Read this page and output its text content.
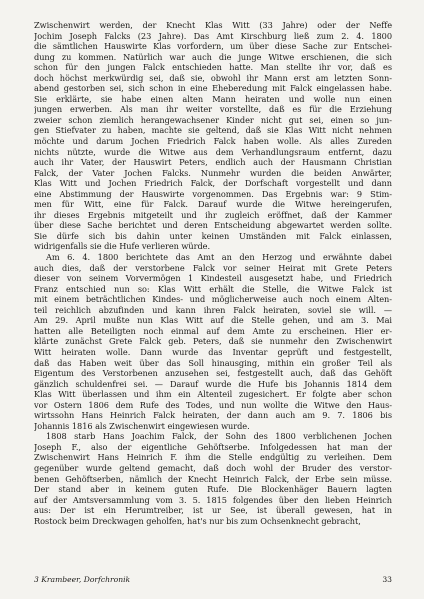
Zwischenwirt werden, der Knecht Klas Witt (33 Jahre) oder der Neffe
Jochim Joseph Falcks (23 Jahre). Das Amt Kirschburg ließ zum 2. 4. 1800
die sämtlichen Hauswirte Klas vorfordern, um über diese Sache zur Entschei-
dung zu kommen. Natürlich war auch die junge Witwe erschienen, die sich
schon für den jungen Falck entschieden hatte. Man stellte ihr vor, daß es
doch höchst merkwürdig sei, daß sie, obwohl ihr Mann erst am letzten Sonn-
abend gestorben sei, sich schon in eine Eheberedung mit Falck eingelassen habe.
Sie erklärte, sie habe einen alten Mann heiraten und wolle nun einen
jungen erwerben. Als man ihr weiter vorstellte, daß es für die Erziehung
zweier schon ziemlich herangewachsener Kinder nicht gut sei, einen so jun-
gen Stiefvater zu haben, machte sie geltend, daß sie Klas Witt nicht nehmen
möchte und darum Jochen Friedrich Falck haben wolle. Als alles Zureden
nichts nützte, wurde die Witwe aus dem Verhandlungsraum entfernt, dazu
auch ihr Vater, der Hauswirt Peters, endlich auch der Hausmann Christian
Falck, der Vater Jochen Falcks. Nunmehr wurden die beiden Anwärter,
Klas Witt und Jochen Friedrich Falck, der Dorfschaft vorgestellt und dann
eine Abstimmung der Hauswirte vorgenommen. Das Ergebnis war: 9 Stim-
men für Witt, eine für Falck. Darauf wurde die Witwe hereingerufen,
ihr dieses Ergebnis mitgeteilt und ihr zugleich eröffnet, daß der Kammer
über diese Sache berichtet und deren Entscheidung abgewartet werden sollte.
Sie dürfe sich bis dahin unter keinen Umständen mit Falck einlassen,
widrigenfalls sie die Hufe verlieren würde.
Am 6. 4. 1800 berichtete das Amt an den Herzog und erwähnte dabei
auch dies, daß der verstorbene Falck vor seiner Heirat mit Grete Peters
dieser von seinem Vorvermögen 1 Kindesteil ausgesetzt habe, und Friedrich
Franz entschied nun so: Klas Witt erhält die Stelle, die Witwe Falck ist
mit einem beträchtlichen Kindes- und möglicherweise auch noch einem Alten-
teil reichlich abzufinden und kann ihren Falck heiraten, soviel sie will. —
Am 29. April mußte nun Klas Witt auf die Stelle gehen, und am 3. Mai
hatten alle Beteiligten noch einmal auf dem Amte zu erscheinen. Hier er-
klärte zunächst Grete Falck geb. Peters, daß sie nunmehr den Zwischenwirt
Witt heiraten wolle. Dann wurde das Inventar geprüft und festgestellt,
daß das Haben weit über das Soll hinausging, mithin ein großer Teil als
Eigentum des Verstorbenen anzusehen sei, festgestellt auch, daß das Gehöft
gänzlich schuldenfrei sei. — Darauf wurde die Hufe bis Johannis 1814 dem
Klas Witt überlassen und ihm ein Altenteil zugesichert. Er folgte aber schon
vor Ostern 1806 dem Rufe des Todes, und nun wollte die Witwe den Haus-
wirtssohn Hans Heinrich Falck heiraten, der dann auch am 9. 7. 1806 bis
Johannis 1816 als Zwischenwirt eingewiesen wurde.
1808 starb Hans Joachim Falck, der Sohn des 1800 verblichenen Jochen
Joseph F., also der eigentliche Gehöftserbe. Infolgedessen hat man der
Zwischenwirt Hans Heinrich F. ihm die Stelle endgültig zu verleihen. Dem
gegenüber wurde geltend gemacht, daß doch wohl der Bruder des verstor-
benen Gehöftserben, nämlich der Knecht Heinrich Falck, der Erbe sein müsse.
Der stand aber in keinem guten Rufe. Die Blockenhäger Bauern lagten
auf der Amtsversammlung vom 3. 5. 1815 folgendes über den lieben Heinrich
aus: Der ist ein Herumtreiber, ist ur See, ist überall gewesen, hat in
Rostock beim Dreckwagen geholfen, hat's nur bis zum Ochsenknecht gebracht,
3 Krambeer, Dorfchronik	33
